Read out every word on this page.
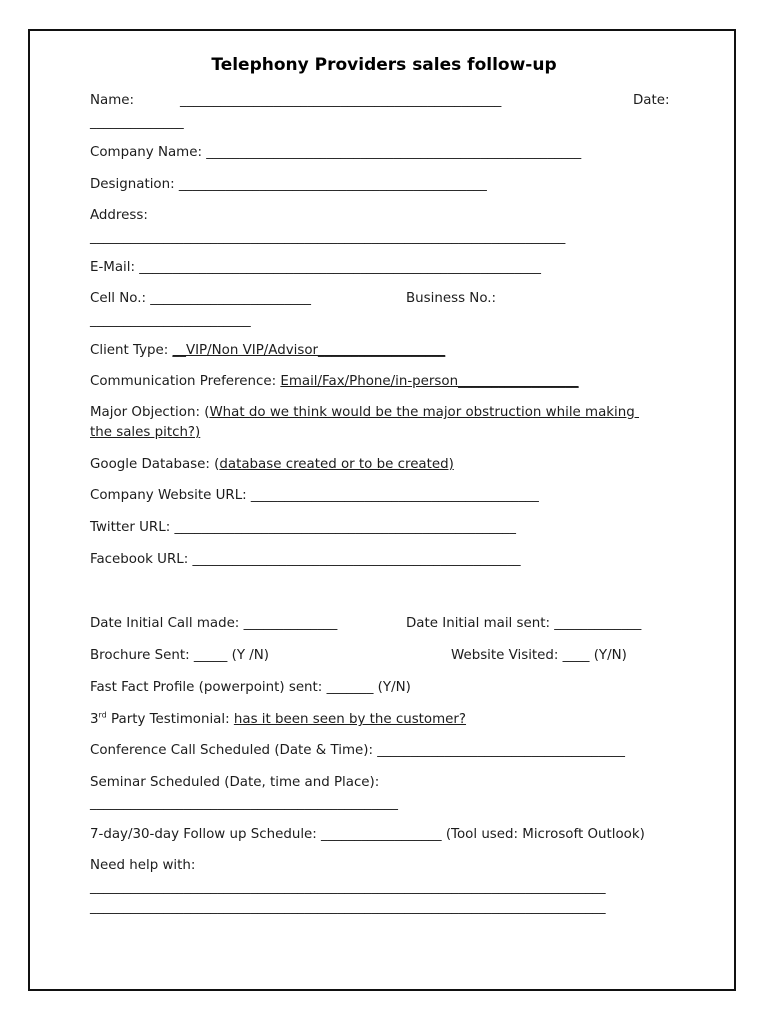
Telephony Providers sales follow-up
Name:	________________________________________________	Date:
______________
Company Name: ________________________________________________________
Designation: ______________________________________________
Address:
_______________________________________________________________________
E-Mail: ____________________________________________________________
Cell No.: ________________________	Business No.:
________________________
Client Type: __VIP/Non VIP/Advisor___________________
Communication Preference: Email/Fax/Phone/in-person__________________
Major Objection: (What do we think would be the major obstruction while making
the sales pitch?)
Google Database: (database created or to be created)
Company Website URL: ___________________________________________
Twitter URL: ___________________________________________________
Facebook URL: _________________________________________________
Date Initial Call made: ______________	Date Initial mail sent: _____________
Brochure Sent: _____ (Y /N)	Website Visited: ____ (Y/N)
Fast Fact Profile (powerpoint) sent: _______ (Y/N)
3rd Party Testimonial: has it been seen by the customer?
Conference Call Scheduled (Date & Time): _____________________________________
Seminar Scheduled (Date, time and Place):
______________________________________________
7-day/30-day Follow up Schedule: __________________ (Tool used: Microsoft Outlook)
Need help with:
_____________________________________________________________________________
_____________________________________________________________________________
